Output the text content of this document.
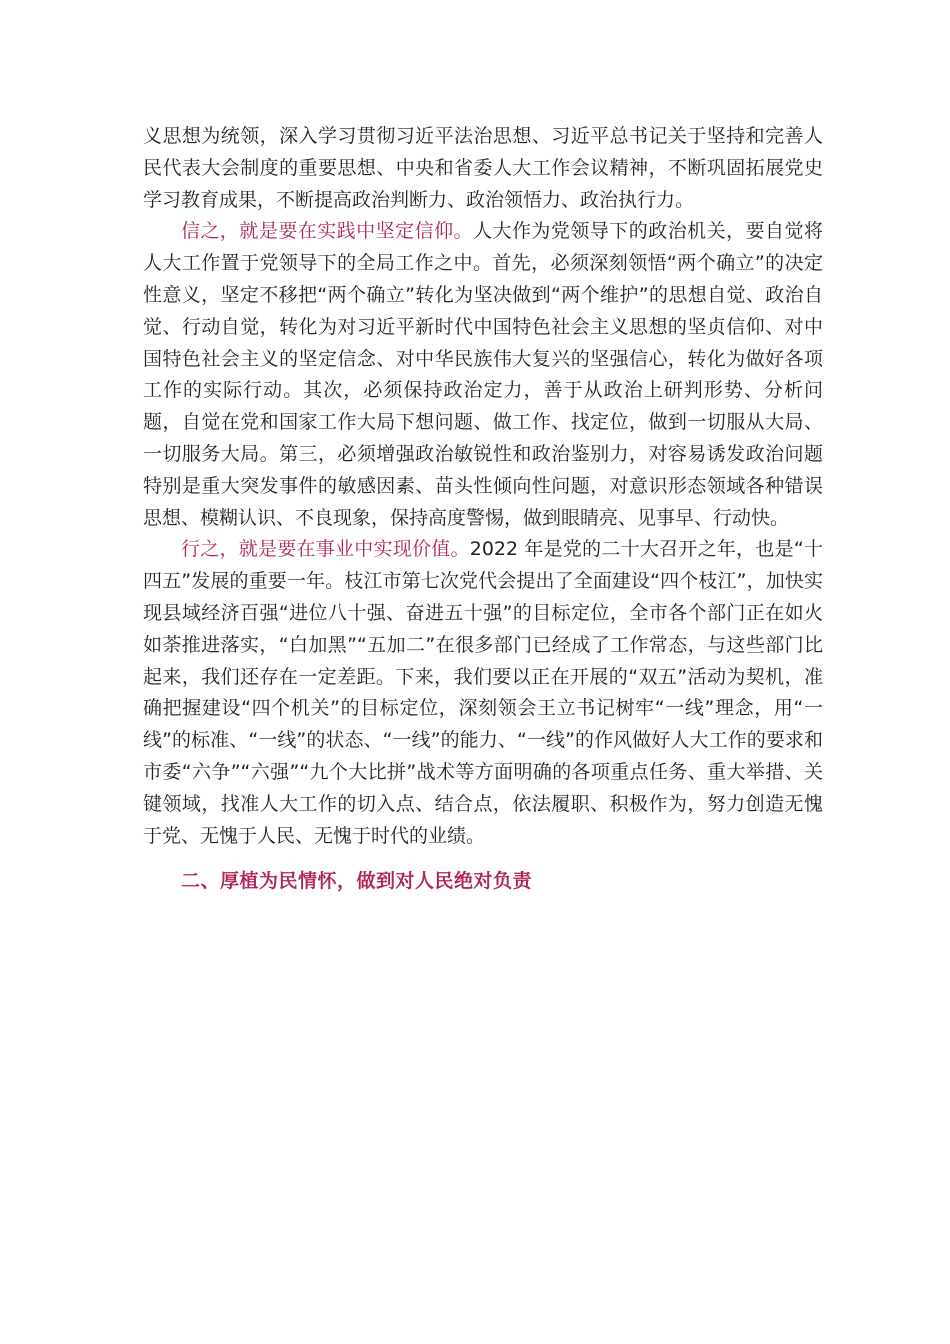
义思想为统领，深入学习贯彻习近平法治思想、习近平总书记关于坚持和完善人民代表大会制度的重要思想、中央和省委人大工作会议精神，不断巩固拓展党史学习教育成果，不断提高政治判断力、政治领悟力、政治执行力。

信之，就是要在实践中坚定信仰。人大作为党领导下的政治机关，要自觉将人大工作置于党领导下的全局工作之中。首先，必须深刻领悟“两个确立”的决定性意义，坚定不移把“两个确立”转化为坚决做到“两个维护”的思想自觉、政治自觉、行动自觉，转化为对习近平新时代中国特色社会主义思想的坚贞信仰、对中国特色社会主义的坚定信念、对中华民族伟大复兴的坚强信心，转化为做好各项工作的实际行动。其次，必须保持政治定力，善于从政治上研判形势、分析问题，自觉在党和国家工作大局下想问题、做工作、找定位，做到一切服从大局、一切服务大局。第三，必须增强政治敏锐性和政治鉴别力，对容易诱发政治问题特别是重大突发事件的敏感因素、苗头性倾向性问题，对意识形态领域各种错误思想、模糊认识、不良现象，保持高度警惕，做到眼睛亮、见事早、行动快。

行之，就是要在事业中实现价值。2022 年是党的二十大召开之年，也是“十四五”发展的重要一年。枝江市第七次党代会提出了全面建设“四个枝江”，加快实现县域经济百强“进位八十强、奋进五十强”的目标定位，全市各个部门正在如火如荼推进落实，“白加黑”“五加二”在很多部门已经成了工作常态，与这些部门比起来，我们还存在一定差距。下来，我们要以正在开展的“双五”活动为契机，准确把握建设“四个机关”的目标定位，深刻领会王立书记树牢“一线”理念，用“一线”的标准、“一线”的状态、“一线”的能力、“一线”的作风做好人大工作的要求和市委“六争”“六强”“九个大比拼”战术等方面明确的各项重点任务、重大举措、关键领域，找准人大工作的切入点、结合点，依法履职、积极作为，努力创造无愧于党、无愧于人民、无愧于时代的业绩。

二、厚植为民情怀，做到对人民绝对负责
